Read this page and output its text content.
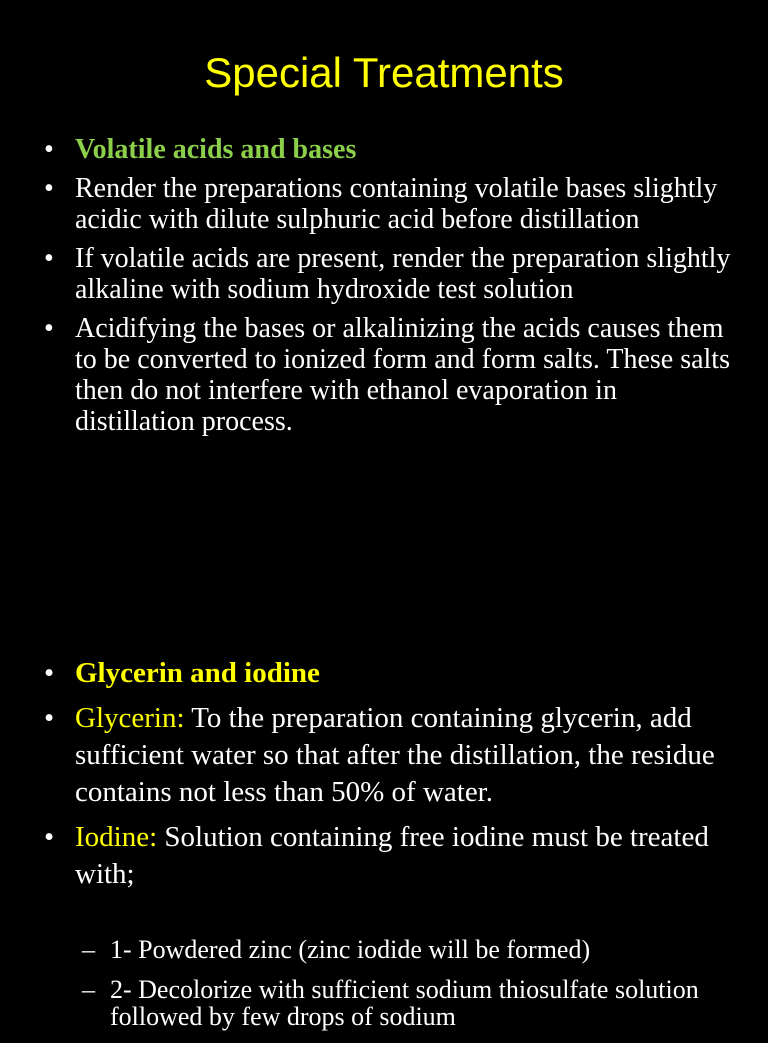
Special Treatments
• Volatile acids and bases
• Render the preparations containing volatile bases slightly acidic with dilute sulphuric acid before distillation
• If volatile acids are present, render the preparation slightly alkaline with sodium hydroxide test solution
• Acidifying the bases or alkalinizing the acids causes them to be converted to ionized form and form salts. These salts then do not interfere with ethanol evaporation in distillation process.
• Glycerin and iodine
• Glycerin: To the preparation containing glycerin, add sufficient water so that after the distillation, the residue contains not less than 50% of water.
• Iodine: Solution containing free iodine must be treated with;
– 1- Powdered zinc (zinc iodide will be formed)
– 2- Decolorize with sufficient sodium thiosulfate solution followed by few drops of sodium
